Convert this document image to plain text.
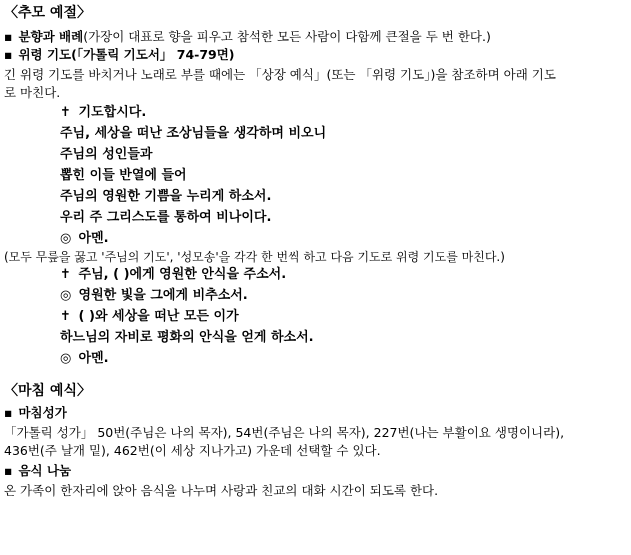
〈추모 예절〉
▪ 분향과 배례(가장이 대표로 향을 피우고 참석한 모든 사람이 다함께 큰절을 두 번 한다.)
▪ 위령 기도(「가톨릭 기도서」 74-79면)
긴 위령 기도를 바치거나 노래로 부를 때에는 「상장 예식」(또는 「위령 기도」)을 참조하며 아래 기도
로 마친다.
✝ 기도합시다.
주님, 세상을 떠난 조상님들을 생각하며 비오니
주님의 성인들과
뽑힌 이들 반열에 들어
주님의 영원한 기쁨을 누리게 하소서.
우리 주 그리스도를 통하여 비나이다.
◎ 아멘.
(모두 무릎을 꿇고 '주님의 기도', '성모송'을 각각 한 번씩 하고 다음 기도로 위령 기도를 마친다.)
✝ 주님, ( )에게 영원한 안식을 주소서.
◎ 영원한 빛을 그에게 비추소서.
✝ ( )와 세상을 떠난 모든 이가
하느님의 자비로 평화의 안식을 얻게 하소서.
◎ 아멘.
〈마침 예식〉
▪ 마침성가
「가톨릭 성가」 50번(주님은 나의 목자), 54번(주님은 나의 목자), 227번(나는 부활이요 생명이니라),
436번(주 날개 밑), 462번(이 세상 지나가고) 가운데 선택할 수 있다.
▪ 음식 나눔
온 가족이 한자리에 앉아 음식을 나누며 사랑과 친교의 대화 시간이 되도록 한다.
